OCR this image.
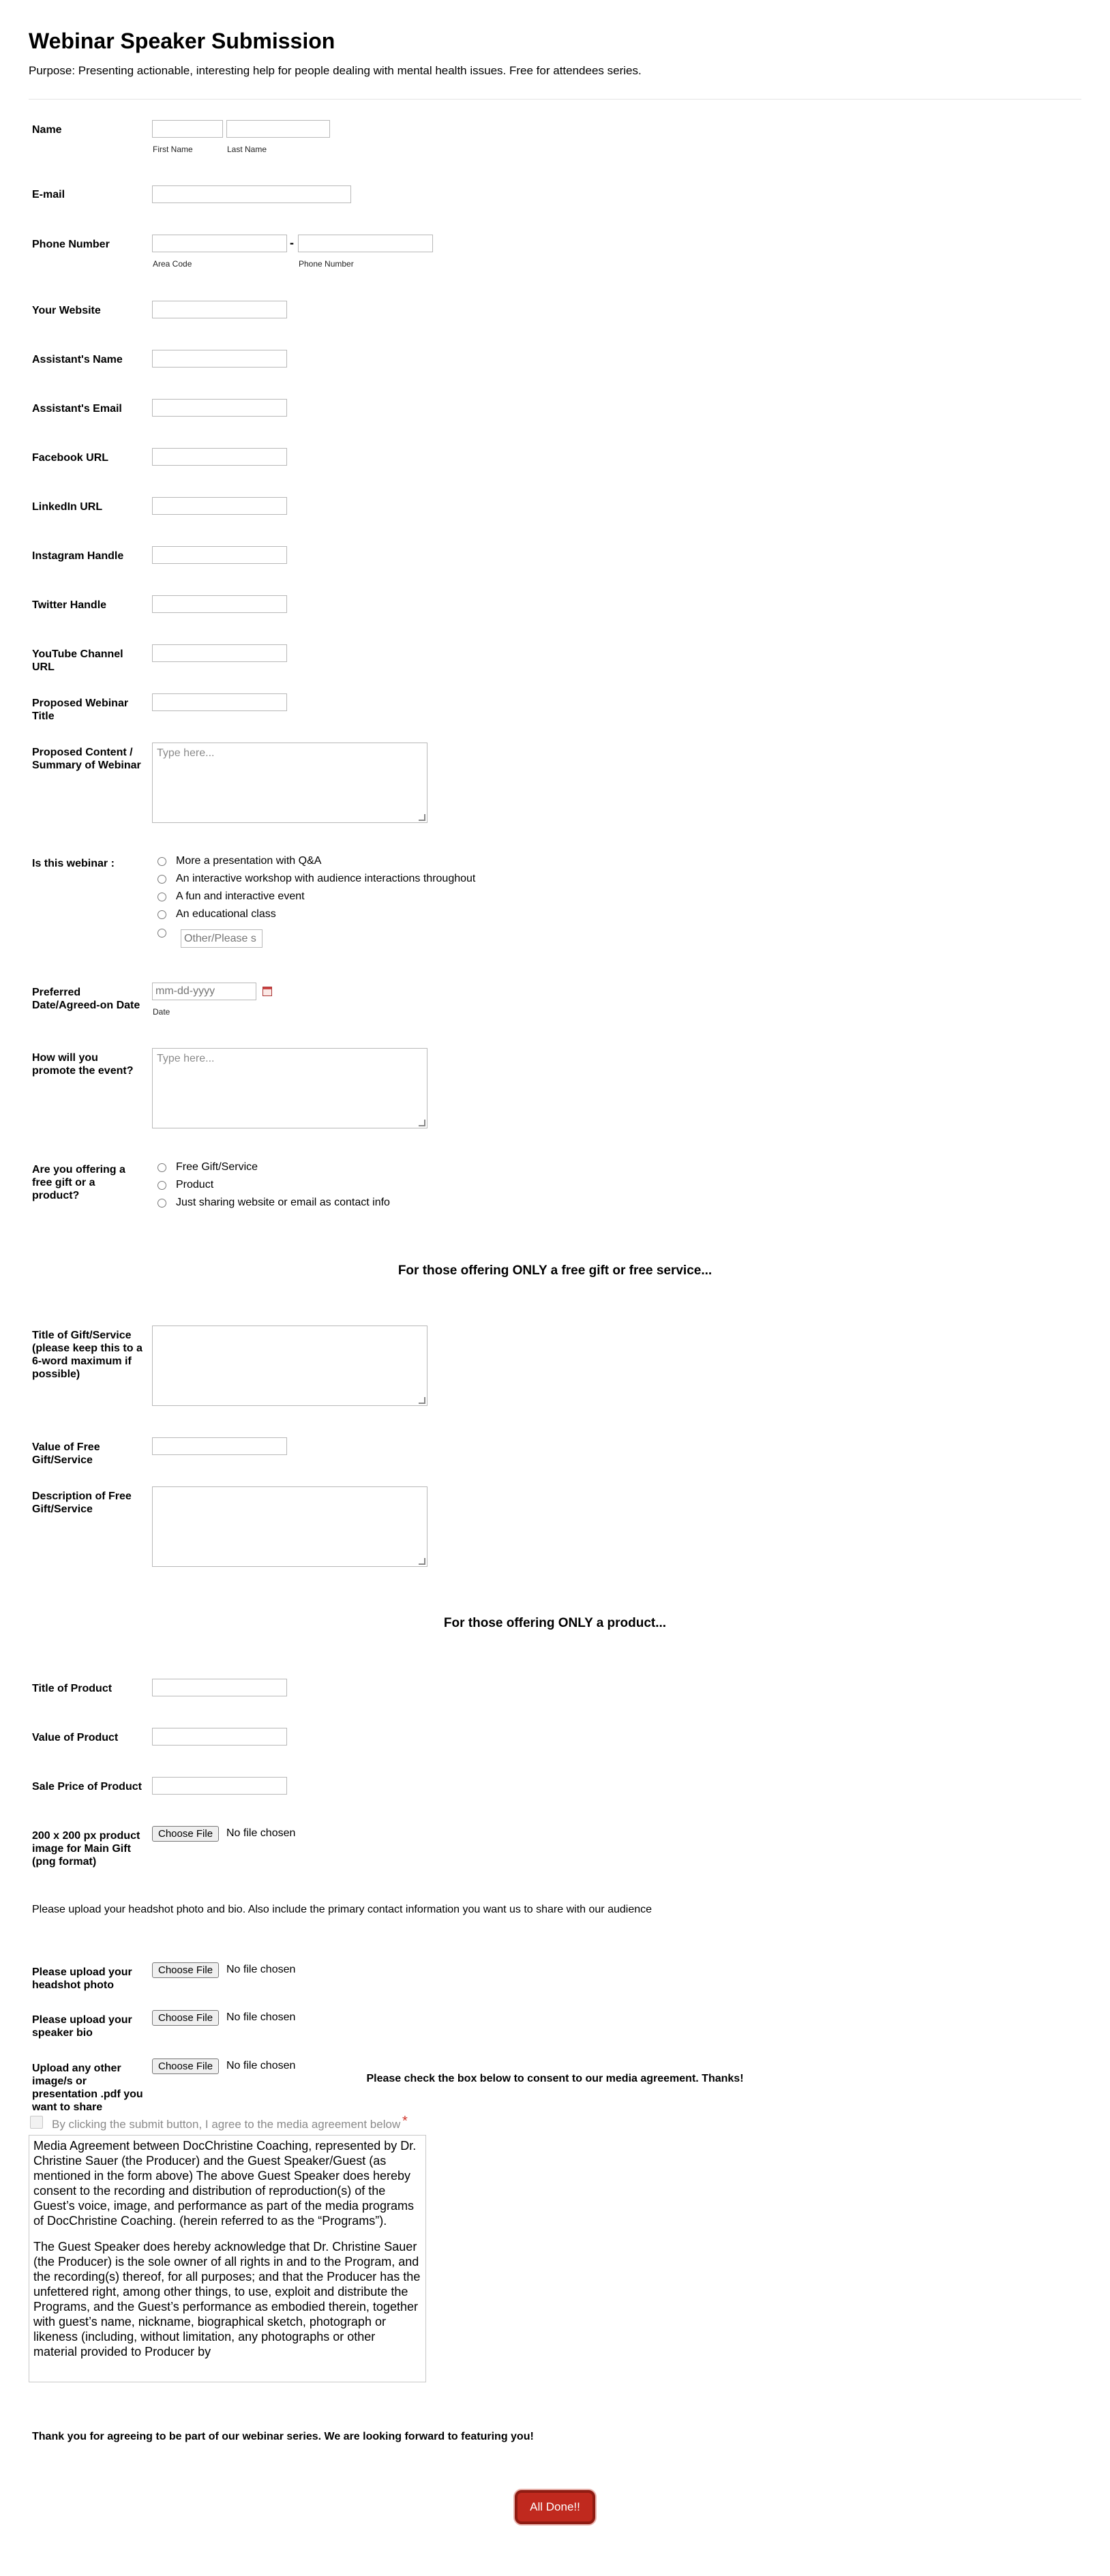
Webinar Speaker Submission
Purpose: Presenting actionable, interesting help for people dealing with mental health issues. Free for attendees series.
Name
First Name	Last Name
E-mail
Phone Number	-
Area Code	Phone Number
Your Website
Assistant's Name
Assistant's Email
Facebook URL
LinkedIn URL
Instagram Handle
Twitter Handle
YouTube Channel
URL
Proposed Webinar
Title
Proposed Content /
Summary of Webinar
Type here...
Is this webinar :	More a presentation with Q&A
An interactive workshop with audience interactions throughout
A fun and interactive event
An educational class
Other/Please s
Preferred
Date/Agreed-on Date
mm-dd-yyyy
Date
How will you
promote the event?
Type here...
Are you offering a
free gift or a
product?
Free Gift/Service
Product
Just sharing website or email as contact info
For those offering ONLY a free gift or free service...
Title of Gift/Service
(please keep this to a
6-word maximum if
possible)
Value of Free
Gift/Service
Description of Free
Gift/Service
For those offering ONLY a product...
Title of Product
Value of Product
Sale Price of Product
200 x 200 px product
image for Main Gift
(png format)
Choose File	No file chosen
Please upload your headshot photo and bio. Also include the primary contact information you want us to share with our audience
Please upload your
headshot photo
Choose File	No file chosen
Please upload your
speaker bio
Choose File	No file chosen
Upload any other
image/s or
presentation .pdf you
want to share
Choose File	No file chosen
Please check the box below to consent to our media agreement. Thanks!
By clicking the submit button, I agree to the media agreement below *
Media Agreement between DocChristine Coaching, represented by Dr. Christine Sauer (the Producer) and the Guest Speaker/Guest (as mentioned in the form above) The above Guest Speaker does hereby consent to the recording and distribution of reproduction(s) of the Guest’s voice, image, and performance as part of the media programs of DocChristine Coaching. (herein referred to as the “Programs”).
The Guest Speaker does hereby acknowledge that Dr. Christine Sauer (the Producer) is the sole owner of all rights in and to the Program, and the recording(s) thereof, for all purposes; and that the Producer has the unfettered right, among other things, to use, exploit and distribute the Programs, and the Guest’s performance as embodied therein, together with guest’s name, nickname, biographical sketch, photograph or likeness (including, without limitation, any photographs or other material provided to Producer by
Thank you for agreeing to be part of our webinar series. We are looking forward to featuring you!
All Done!!
